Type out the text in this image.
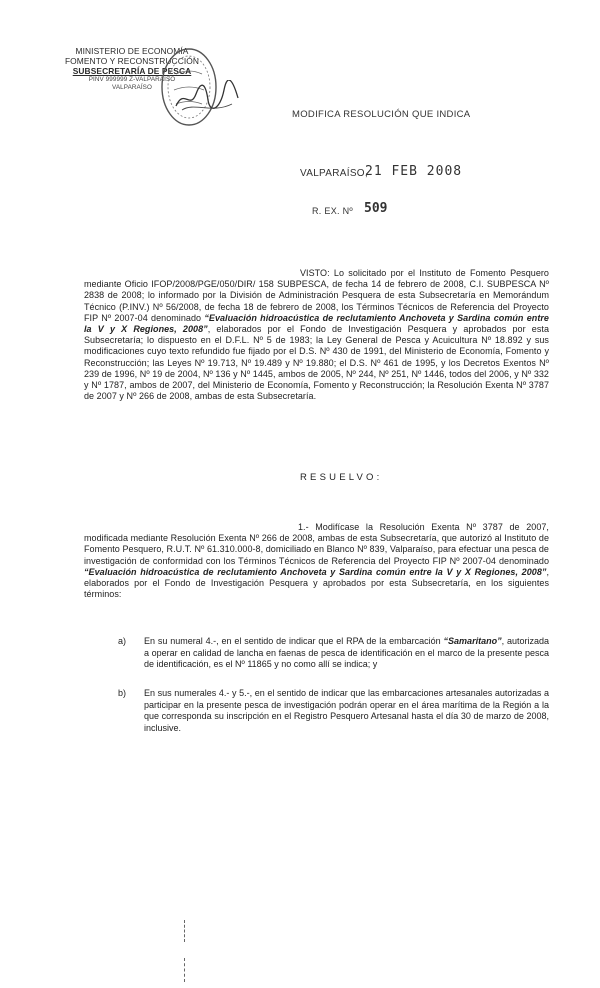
MINISTERIO DE ECONOMÍA
FOMENTO Y RECONSTRUCCIÓN
SUBSECRETARÍA DE PESCA
PINV 999999 Z-VALPARAISO
VALPARAÍSO
MODIFICA RESOLUCIÓN QUE INDICA
VALPARAÍSO,
21 FEB 2008
R. EX. Nº 509
VISTO: Lo solicitado por el Instituto de Fomento Pesquero mediante Oficio IFOP/2008/PGE/050/DIR/ 158 SUBPESCA, de fecha 14 de febrero de 2008, C.I. SUBPESCA Nº 2838 de 2008; lo informado por la División de Administración Pesquera de esta Subsecretaría en Memorándum Técnico (P.INV.) Nº 56/2008, de fecha 18 de febrero de 2008, los Términos Técnicos de Referencia del Proyecto FIP Nº 2007-04 denominado “Evaluación hidroacústica de reclutamiento Anchoveta y Sardina común entre la V y X Regiones, 2008”, elaborados por el Fondo de Investigación Pesquera y aprobados por esta Subsecretaría; lo dispuesto en el D.F.L. Nº 5 de 1983; la Ley General de Pesca y Acuicultura Nº 18.892 y sus modificaciones cuyo texto refundido fue fijado por el D.S. Nº 430 de 1991, del Ministerio de Economía, Fomento y Reconstrucción; las Leyes Nº 19.713, Nº 19.489 y Nº 19.880; el D.S. Nº 461 de 1995, y los Decretos Exentos Nº 239 de 1996, Nº 19 de 2004, Nº 136 y Nº 1445, ambos de 2005, Nº 244, Nº 251, Nº 1446, todos del 2006, y Nº 332 y Nº 1787, ambos de 2007, del Ministerio de Economía, Fomento y Reconstrucción; la Resolución Exenta Nº 3787 de 2007 y Nº 266 de 2008, ambas de esta Subsecretaría.
RESUELVO:
1.- Modifícase la Resolución Exenta Nº 3787 de 2007, modificada mediante Resolución Exenta Nº 266 de 2008, ambas de esta Subsecretaría, que autorizó al Instituto de Fomento Pesquero, R.U.T. Nº 61.310.000-8, domiciliado en Blanco Nº 839, Valparaíso, para efectuar una pesca de investigación de conformidad con los Términos Técnicos de Referencia del Proyecto FIP Nº 2007-04 denominado “Evaluación hidroacústica de reclutamiento Anchoveta y Sardina común entre la V y X Regiones, 2008”, elaborados por el Fondo de Investigación Pesquera y aprobados por esta Subsecretaría, en los siguientes términos:
a) En su numeral 4.-, en el sentido de indicar que el RPA de la embarcación “Samaritano”, autorizada a operar en calidad de lancha en faenas de pesca de identificación en el marco de la presente pesca de identificación, es el Nº 11865 y no como allí se indica; y
b) En sus numerales 4.- y 5.-, en el sentido de indicar que las embarcaciones artesanales autorizadas a participar en la presente pesca de investigación podrán operar en el área marítima de la Región a la que corresponda su inscripción en el Registro Pesquero Artesanal hasta el día 30 de marzo de 2008, inclusive.
